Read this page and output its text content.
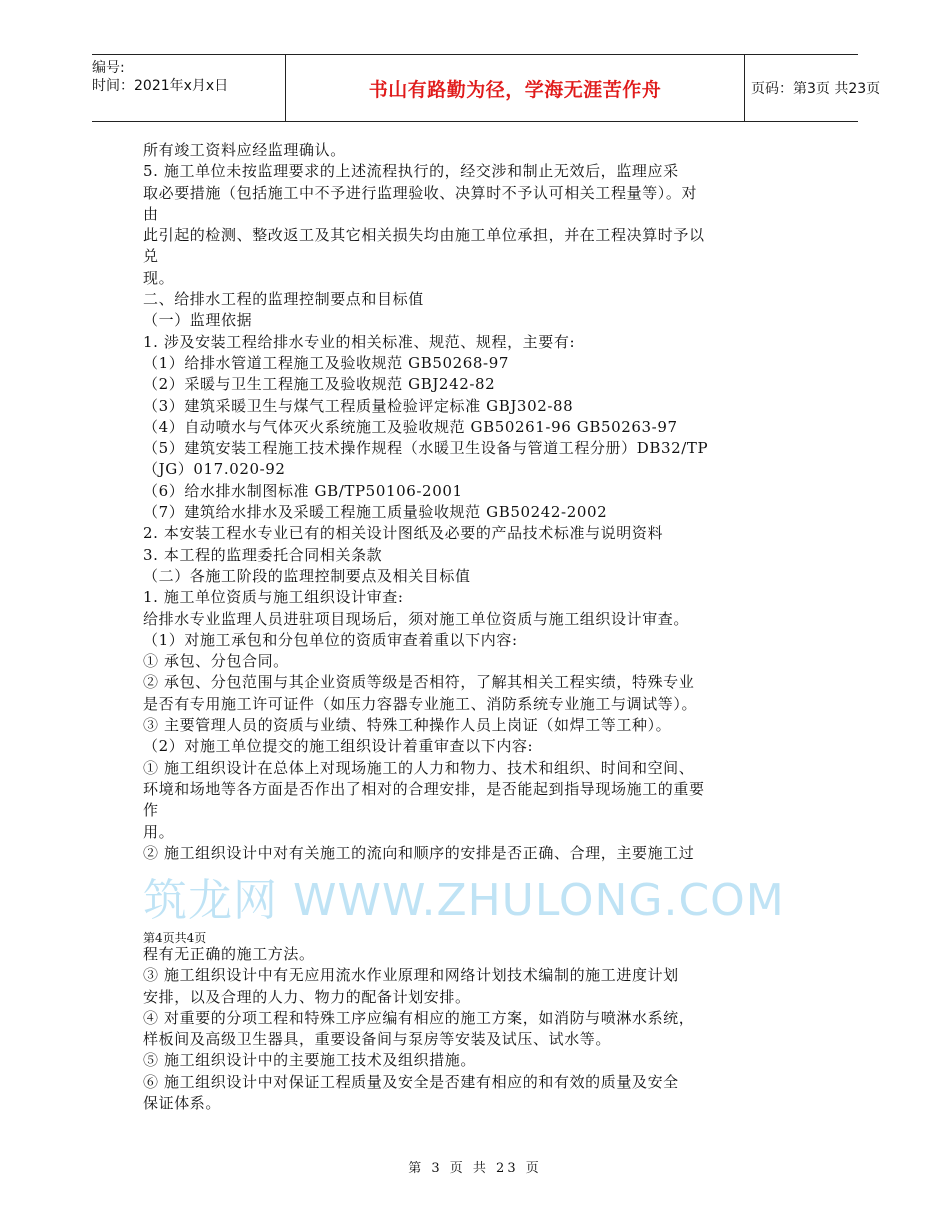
编号:
时间：2021年x月x日	书山有路勤为径，学海无涯苦作舟	页码：第3页 共23页
所有竣工资料应经监理确认。
5. 施工单位未按监理要求的上述流程执行的，经交涉和制止无效后，监理应采
取必要措施（包括施工中不予进行监理验收、决算时不予认可相关工程量等）。对
由
此引起的检测、整改返工及其它相关损失均由施工单位承担，并在工程决算时予以
兑
现。
二、给排水工程的监理控制要点和目标值
（一）监理依据
1. 涉及安装工程给排水专业的相关标准、规范、规程，主要有:
（1）给排水管道工程施工及验收规范 GB50268-97
（2）采暖与卫生工程施工及验收规范 GBJ242-82
（3）建筑采暖卫生与煤气工程质量检验评定标准 GBJ302-88
（4）自动喷水与气体灭火系统施工及验收规范 GB50261-96 GB50263-97
（5）建筑安装工程施工技术操作规程（水暖卫生设备与管道工程分册）DB32/TP
（JG）017.020-92
（6）给水排水制图标准 GB/TP50106-2001
（7）建筑给水排水及采暖工程施工质量验收规范 GB50242-2002
2. 本安装工程水专业已有的相关设计图纸及必要的产品技术标准与说明资料
3. 本工程的监理委托合同相关条款
（二）各施工阶段的监理控制要点及相关目标值
1. 施工单位资质与施工组织设计审查:
给排水专业监理人员进驻项目现场后，须对施工单位资质与施工组织设计审查。
（1）对施工承包和分包单位的资质审查着重以下内容:
① 承包、分包合同。
② 承包、分包范围与其企业资质等级是否相符，了解其相关工程实绩，特殊专业
是否有专用施工许可证件（如压力容器专业施工、消防系统专业施工与调试等）。
③ 主要管理人员的资质与业绩、特殊工种操作人员上岗证（如焊工等工种）。
（2）对施工单位提交的施工组织设计着重审查以下内容:
① 施工组织设计在总体上对现场施工的人力和物力、技术和组织、时间和空间、
环境和场地等各方面是否作出了相对的合理安排，是否能起到指导现场施工的重要
作
用。
② 施工组织设计中对有关施工的流向和顺序的安排是否正确、合理，主要施工过
筑龙网 WWW.ZHULONG.COM
第4页共4页
程有无正确的施工方法。
③ 施工组织设计中有无应用流水作业原理和网络计划技术编制的施工进度计划
安排，以及合理的人力、物力的配备计划安排。
④ 对重要的分项工程和特殊工序应编有相应的施工方案，如消防与喷淋水系统，
样板间及高级卫生器具，重要设备间与泵房等安装及试压、试水等。
⑤ 施工组织设计中的主要施工技术及组织措施。
⑥ 施工组织设计中对保证工程质量及安全是否建有相应的和有效的质量及安全
保证体系。
第 3 页 共 23 页
